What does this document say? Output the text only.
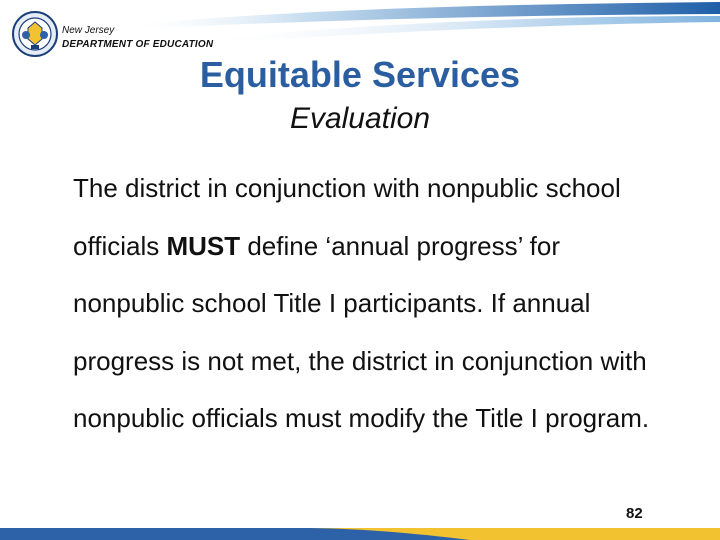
New Jersey
DEPARTMENT OF EDUCATION
Equitable Services
Evaluation
The district in conjunction with nonpublic school officials MUST define ‘annual progress’ for nonpublic school Title I participants. If annual progress is not met, the district in conjunction with nonpublic officials must modify the Title I program.
82
